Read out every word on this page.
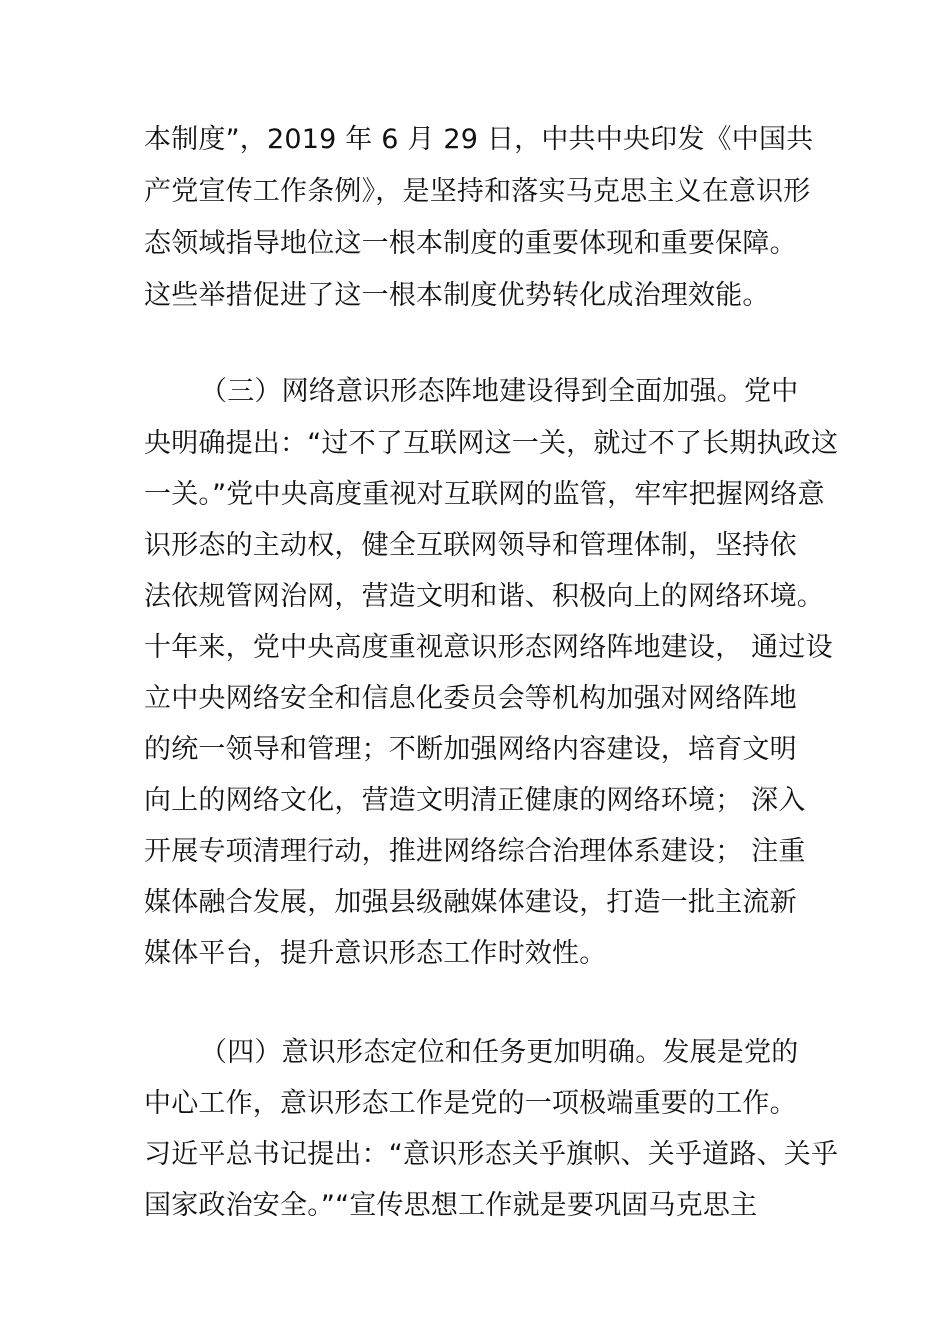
本制度”，2019 年 6 月 29 日，中共中央印发《中国共
产党宣传工作条例》，是坚持和落实马克思主义在意识形
态领域指导地位这一根本制度的重要体现和重要保障。
这些举措促进了这一根本制度优势转化成治理效能。
（三）网络意识形态阵地建设得到全面加强。党中
央明确提出：“过不了互联网这一关，就过不了长期执政这
一关。”党中央高度重视对互联网的监管，牢牢把握网络意
识形态的主动权，健全互联网领导和管理体制，坚持依
法依规管网治网，营造文明和谐、积极向上的网络环境。
十年来，党中央高度重视意识形态网络阵地建设， 通过设
立中央网络安全和信息化委员会等机构加强对网络阵地
的统一领导和管理；不断加强网络内容建设，培育文明
向上的网络文化，营造文明清正健康的网络环境； 深入
开展专项清理行动，推进网络综合治理体系建设； 注重
媒体融合发展，加强县级融媒体建设，打造一批主流新
媒体平台，提升意识形态工作时效性。
（四）意识形态定位和任务更加明确。发展是党的
中心工作，意识形态工作是党的一项极端重要的工作。
习近平总书记提出：“意识形态关乎旗帜、关乎道路、关乎
国家政治安全。”“宣传思想工作就是要巩固马克思主
